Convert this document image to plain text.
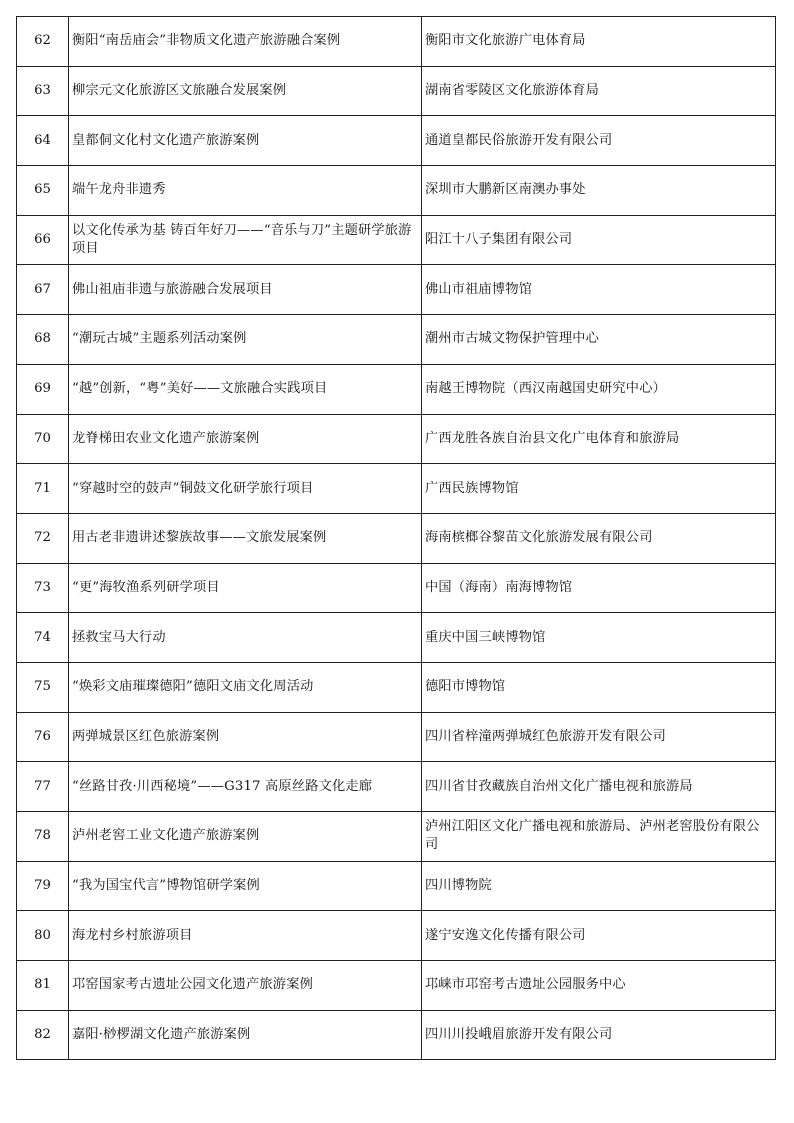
62	衡阳“南岳庙会”非物质文化遗产旅游融合案例	衡阳市文化旅游广电体育局
63	柳宗元文化旅游区文旅融合发展案例	湖南省零陵区文化旅游体育局
64	皇都侗文化村文化遗产旅游案例	通道皇都民俗旅游开发有限公司
65	端午龙舟非遗秀	深圳市大鹏新区南澳办事处
66	以文化传承为基 铸百年好刀——“音乐与刀”主题研学旅游项目	阳江十八子集团有限公司
67	佛山祖庙非遗与旅游融合发展项目	佛山市祖庙博物馆
68	“潮玩古城”主题系列活动案例	潮州市古城文物保护管理中心
69	“越”创新，“粤”美好——文旅融合实践项目	南越王博物院（西汉南越国史研究中心）
70	龙脊梯田农业文化遗产旅游案例	广西龙胜各族自治县文化广电体育和旅游局
71	“穿越时空的鼓声”铜鼓文化研学旅行项目	广西民族博物馆
72	用古老非遗讲述黎族故事——文旅发展案例	海南槟榔谷黎苗文化旅游发展有限公司
73	“更”海牧渔系列研学项目	中国（海南）南海博物馆
74	拯救宝马大行动	重庆中国三峡博物馆
75	“焕彩文庙璀璨德阳”德阳文庙文化周活动	德阳市博物馆
76	两弹城景区红色旅游案例	四川省梓潼两弹城红色旅游开发有限公司
77	“丝路甘孜·川西秘境”——G317 高原丝路文化走廊	四川省甘孜藏族自治州文化广播电视和旅游局
78	泸州老窖工业文化遗产旅游案例	泸州江阳区文化广播电视和旅游局、泸州老窖股份有限公司
79	“我为国宝代言”博物馆研学案例	四川博物院
80	海龙村乡村旅游项目	遂宁安逸文化传播有限公司
81	邛窑国家考古遗址公园文化遗产旅游案例	邛崃市邛窑考古遗址公园服务中心
82	嘉阳·桫椤湖文化遗产旅游案例	四川川投峨眉旅游开发有限公司
